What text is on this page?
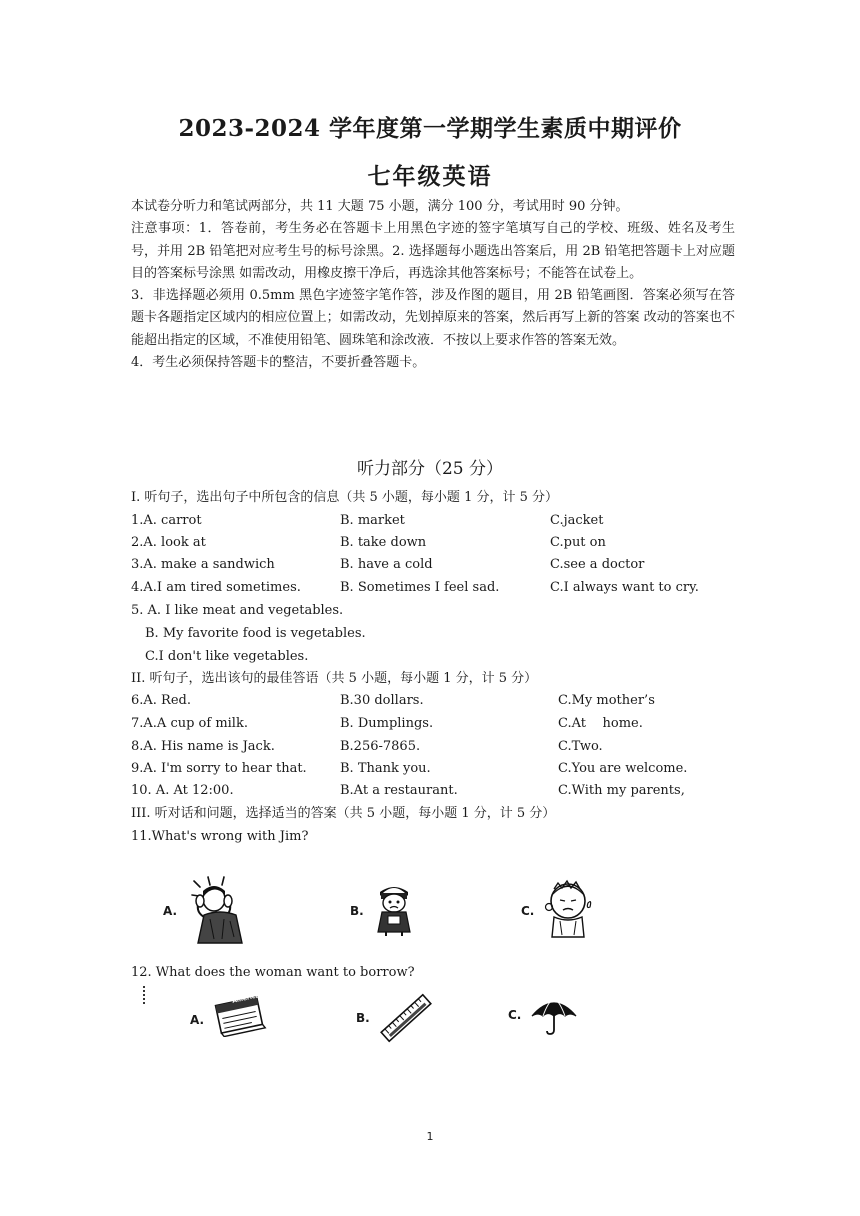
2023-2024 学年度第一学期学生素质中期评价
七年级英语

本试卷分听力和笔试两部分，共 11 大题 75 小题，满分 100 分，考试用时 90 分钟。

注意事项：1．答卷前，考生务必在答题卡上用黑色字迹的签字笔填写自己的学校、班级、姓名及考生号，并用 2B 铅笔把对应考生号的标号涂黑。2. 选择题每小题选出答案后，用 2B 铅笔把答题卡上对应题目的答案标号涂黑 如需改动，用橡皮擦干净后，再选涂其他答案标号；不能答在试卷上。

3．非选择题必须用 0.5mm 黑色字迹签字笔作答，涉及作图的题目，用 2B 铅笔画图．答案必须写在答题卡各题指定区域内的相应位置上；如需改动，先划掉原来的答案，然后再写上新的答案 改动的答案也不能超出指定的区域，不准使用铅笔、圆珠笔和涂改液．不按以上要求作答的答案无效。

4．考生必须保持答题卡的整洁，不要折叠答题卡。

听力部分（25 分）
I. 听句子，选出句子中所包含的信息（共 5 小题，每小题 1 分，计 5 分）
1.A. carrot	B. market	C.jacket
2.A. look at	B. take down	C.put on
3.A. make a sandwich	B. have a cold	C.see a doctor
4.A.I am tired sometimes.	B. Sometimes I feel sad.	C.I always want to cry.
5. A. I like meat and vegetables.
B. My favorite food is vegetables.
C.I don't like vegetables.
II. 听句子，选出该句的最佳答语（共 5 小题，每小题 1 分，计 5 分）
6.A. Red.	B.30 dollars.	C.My mother’s
7.A.A cup of milk.	B. Dumplings.	C.At    home.
8.A. His name is Jack.	B.256-7865.	C.Two.
9.A. I'm sorry to hear that.	B. Thank you.	C.You are welcome.
10. A. At 12:00.	B.At a restaurant.	C.With my parents,
III. 听对话和问题，选择适当的答案（共 5 小题，每小题 1 分，计 5 分）
11.What's wrong with Jim?
A.	B.	C.
12. What does the woman want to borrow?
A.
America
B.	C.
1
